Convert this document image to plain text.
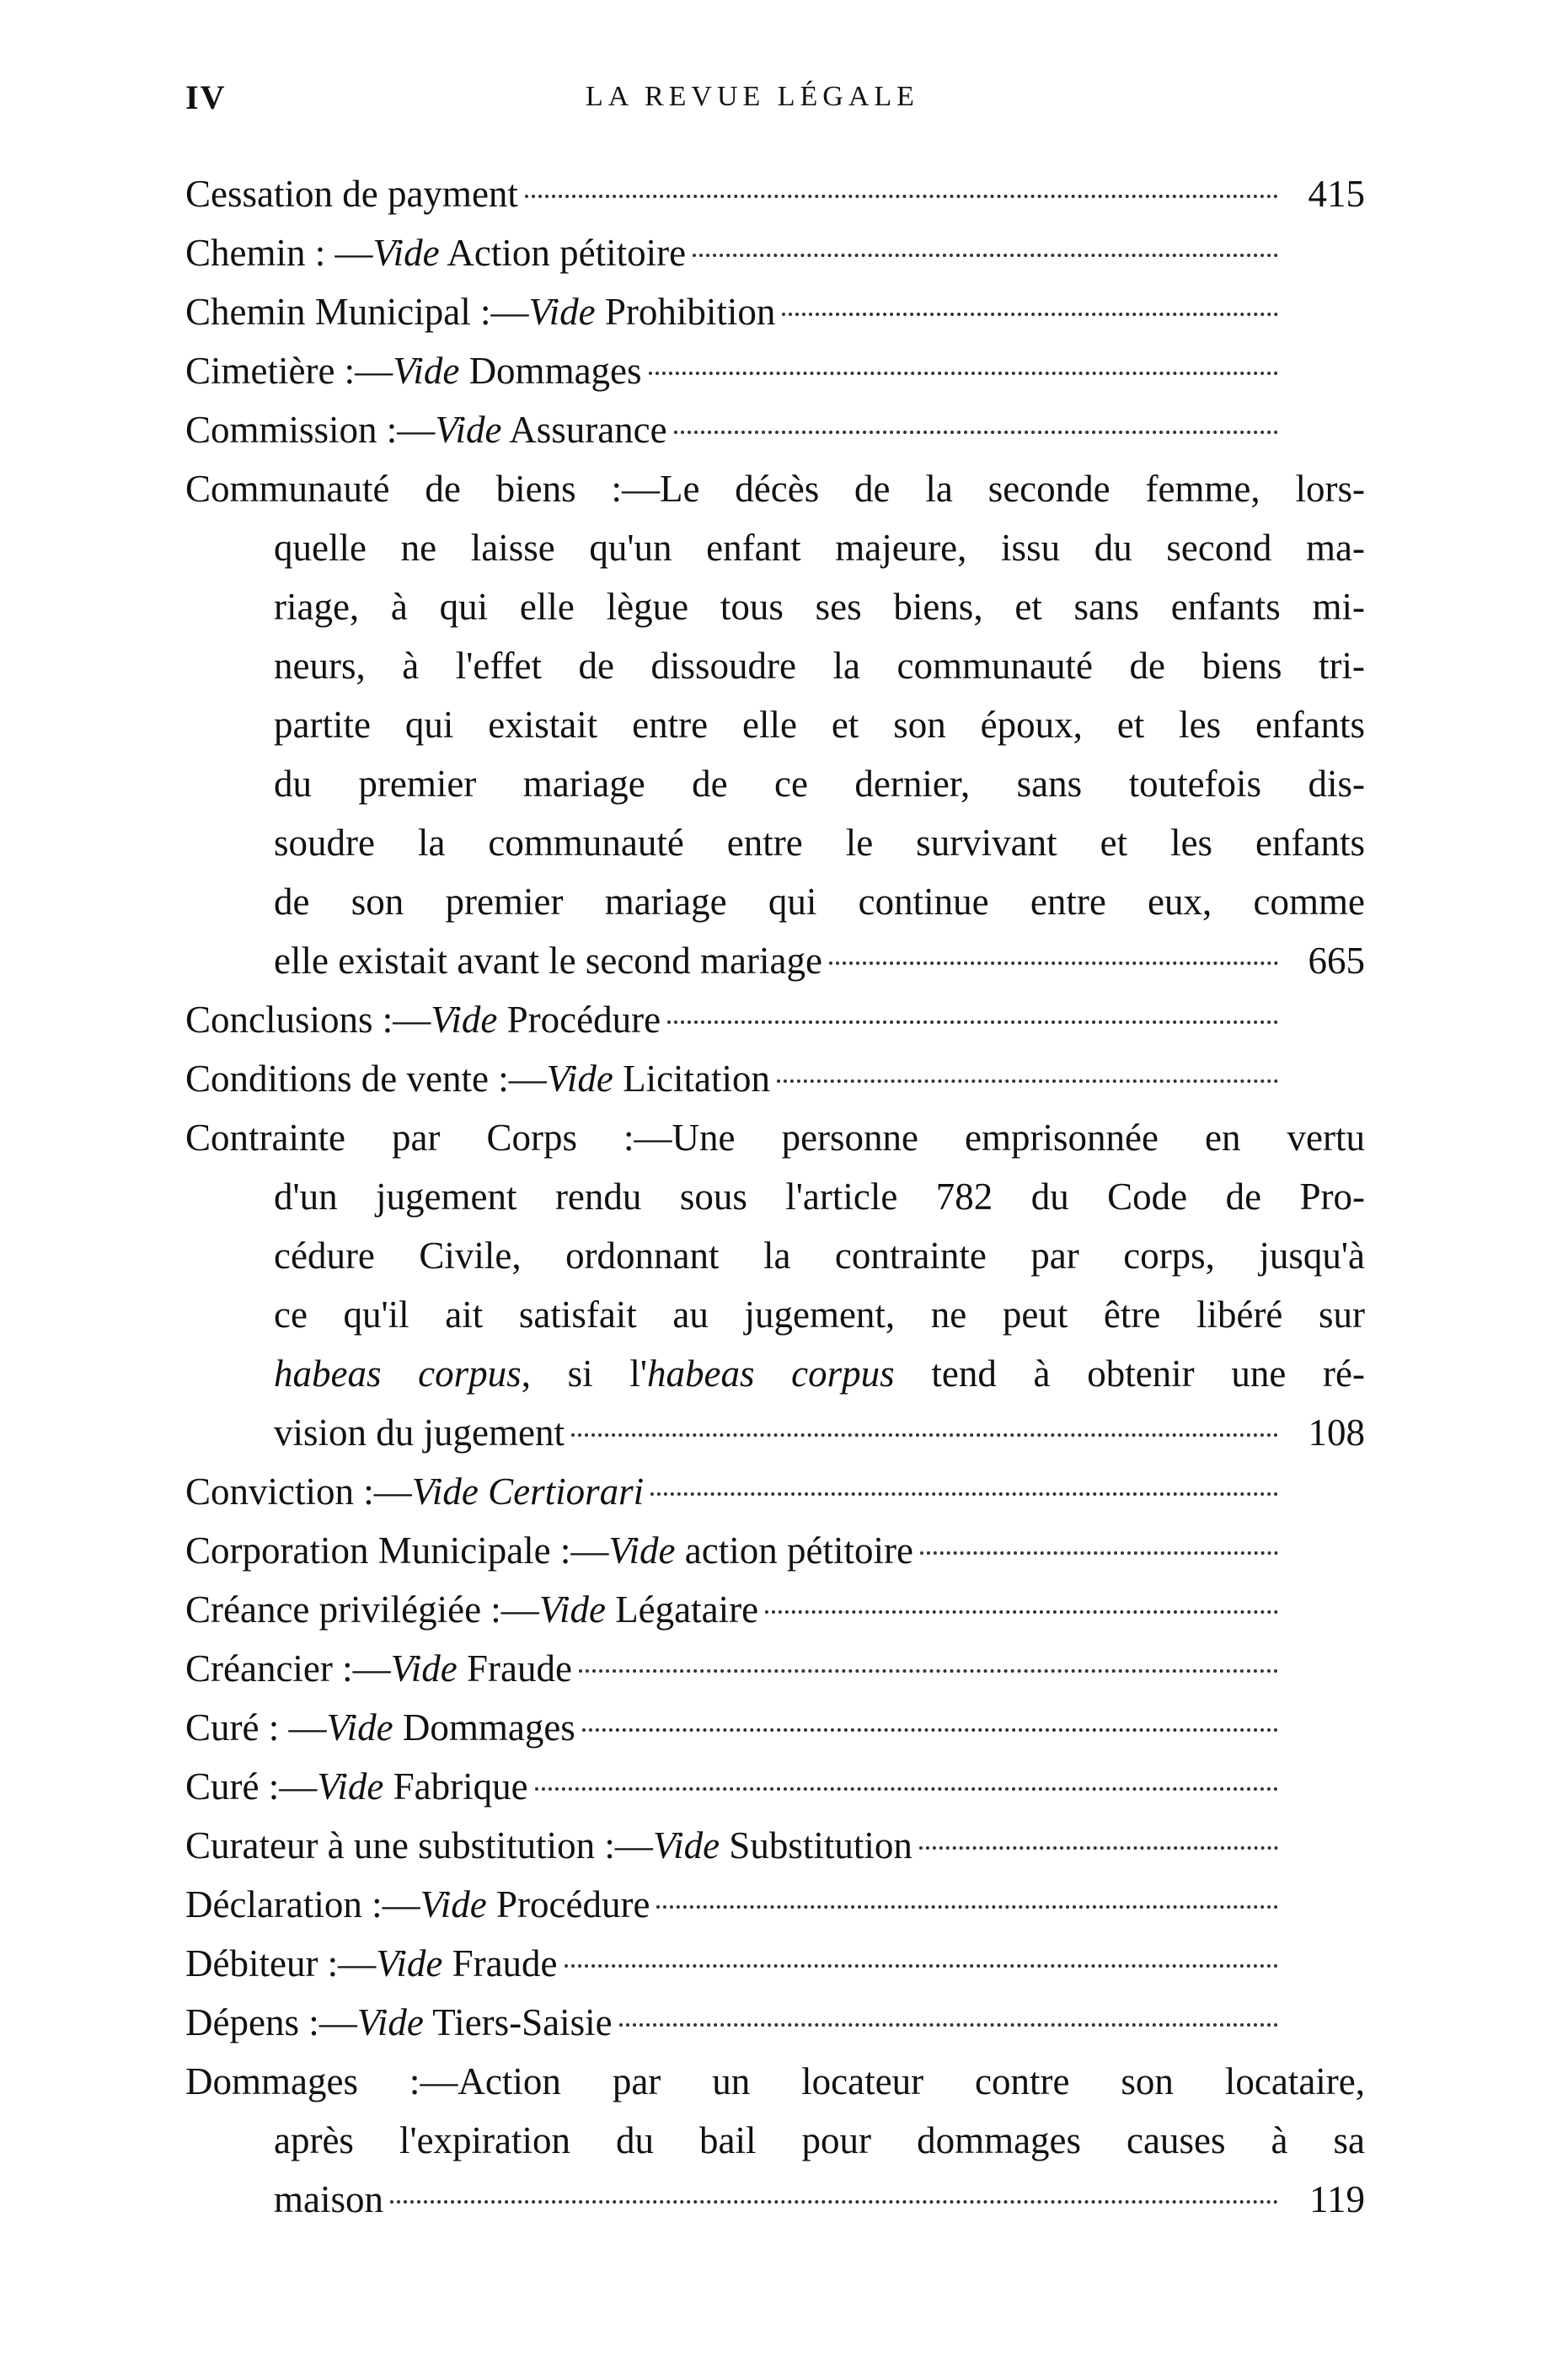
IV	LA REVUE LÉGALE
Cessation de payment	415
Chemin : —Vide Action pétitoire
Chemin Municipal :—Vide Prohibition
Cimetière :—Vide Dommages
Commission :—Vide Assurance
Communauté de biens :—Le décès de la seconde femme, lors-
quelle ne laisse qu'un enfant majeure, issu du second ma-
riage, à qui elle lègue tous ses biens, et sans enfants mi-
neurs, à l'effet de dissoudre la communauté de biens tri-
partite qui existait entre elle et son époux, et les enfants
du premier mariage de ce dernier, sans toutefois dis-
soudre la communauté entre le survivant et les enfants
de son premier mariage qui continue entre eux, comme
elle existait avant le second mariage	665
Conclusions :—Vide Procédure
Conditions de vente :—Vide Licitation
Contrainte par Corps :—Une personne emprisonnée en vertu
d'un jugement rendu sous l'article 782 du Code de Pro-
cédure Civile, ordonnant la contrainte par corps, jusqu'à
ce qu'il ait satisfait au jugement, ne peut être libéré sur
habeas corpus, si l'habeas corpus tend à obtenir une ré-
vision du jugement	108
Conviction :—Vide Certiorari
Corporation Municipale :—Vide action pétitoire
Créance privilégiée :—Vide Légataire
Créancier :—Vide Fraude
Curé : —Vide Dommages
Curé :—Vide Fabrique
Curateur à une substitution :—Vide Substitution
Déclaration :—Vide Procédure
Débiteur :—Vide Fraude
Dépens :—Vide Tiers-Saisie
Dommages :—Action par un locateur contre son locataire,
après l'expiration du bail pour dommages causes à sa
maison	119
